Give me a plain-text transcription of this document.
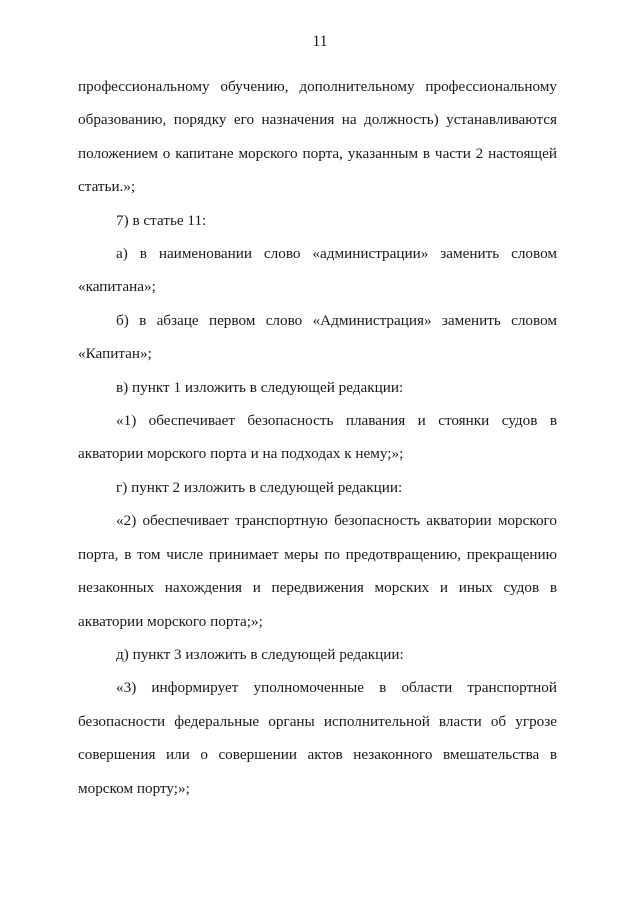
11
профессиональному обучению, дополнительному профессиональному
образованию, порядку его назначения на должность) устанавливаются
положением о капитане морского порта, указанным в части 2 настоящей
статьи.»;
7) в статье 11:
а) в наименовании слово «администрации» заменить словом
«капитана»;
б) в абзаце первом слово «Администрация» заменить словом
«Капитан»;
в) пункт 1 изложить в следующей редакции:
«1) обеспечивает безопасность плавания и стоянки судов в
акватории морского порта и на подходах к нему;»;
г) пункт 2 изложить в следующей редакции:
«2) обеспечивает транспортную безопасность акватории морского
порта, в том числе принимает меры по предотвращению, прекращению
незаконных нахождения и передвижения морских и иных судов в
акватории морского порта;»;
д) пункт 3 изложить в следующей редакции:
«3) информирует уполномоченные в области транспортной
безопасности федеральные органы исполнительной власти об угрозе
совершения или о совершении актов незаконного вмешательства в
морском порту;»;
